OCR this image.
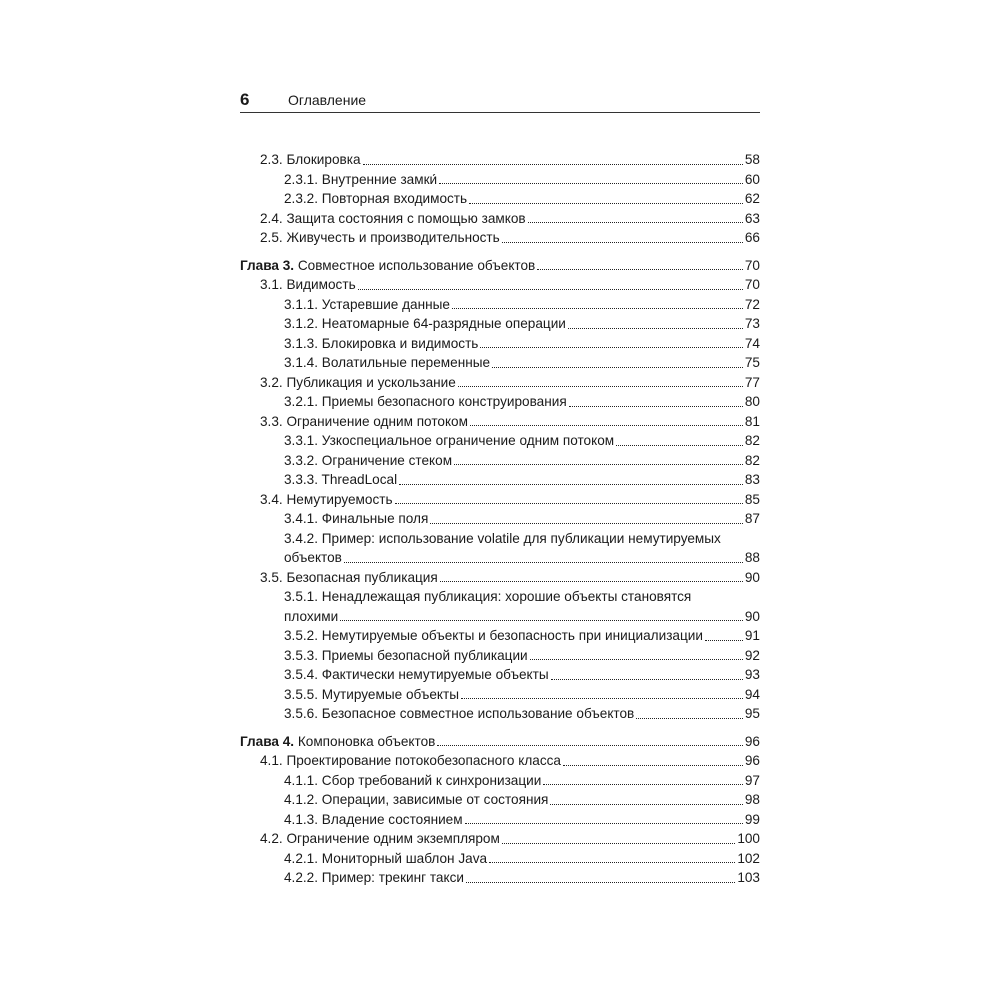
6	Оглавление
2.3. Блокировка	58
2.3.1. Внутренние замки́	60
2.3.2. Повторная входимость	62
2.4. Защита состояния с помощью замков	63
2.5. Живучесть и производительность	66
Глава 3. Совместное использование объектов	70
3.1. Видимость	70
3.1.1. Устаревшие данные	72
3.1.2. Неатомарные 64-разрядные операции	73
3.1.3. Блокировка и видимость	74
3.1.4. Волатильные переменные	75
3.2. Публикация и ускользание	77
3.2.1. Приемы безопасного конструирования	80
3.3. Ограничение одним потоком	81
3.3.1. Узкоспециальное ограничение одним потоком	82
3.3.2. Ограничение стеком	82
3.3.3. ThreadLocal	83
3.4. Немутируемость	85
3.4.1. Финальные поля	87
3.4.2. Пример: использование volatile для публикации немутируемых
объектов	88
3.5. Безопасная публикация	90
3.5.1. Ненадлежащая публикация: хорошие объекты становятся
плохими	90
3.5.2. Немутируемые объекты и безопасность при инициализации	91
3.5.3. Приемы безопасной публикации	92
3.5.4. Фактически немутируемые объекты	93
3.5.5. Мутируемые объекты	94
3.5.6. Безопасное совместное использование объектов	95
Глава 4. Компоновка объектов	96
4.1. Проектирование потокобезопасного класса	96
4.1.1. Сбор требований к синхронизации	97
4.1.2. Операции, зависимые от состояния	98
4.1.3. Владение состоянием	99
4.2. Ограничение одним экземпляром	100
4.2.1. Мониторный шаблон Java	102
4.2.2. Пример: трекинг такси	103
